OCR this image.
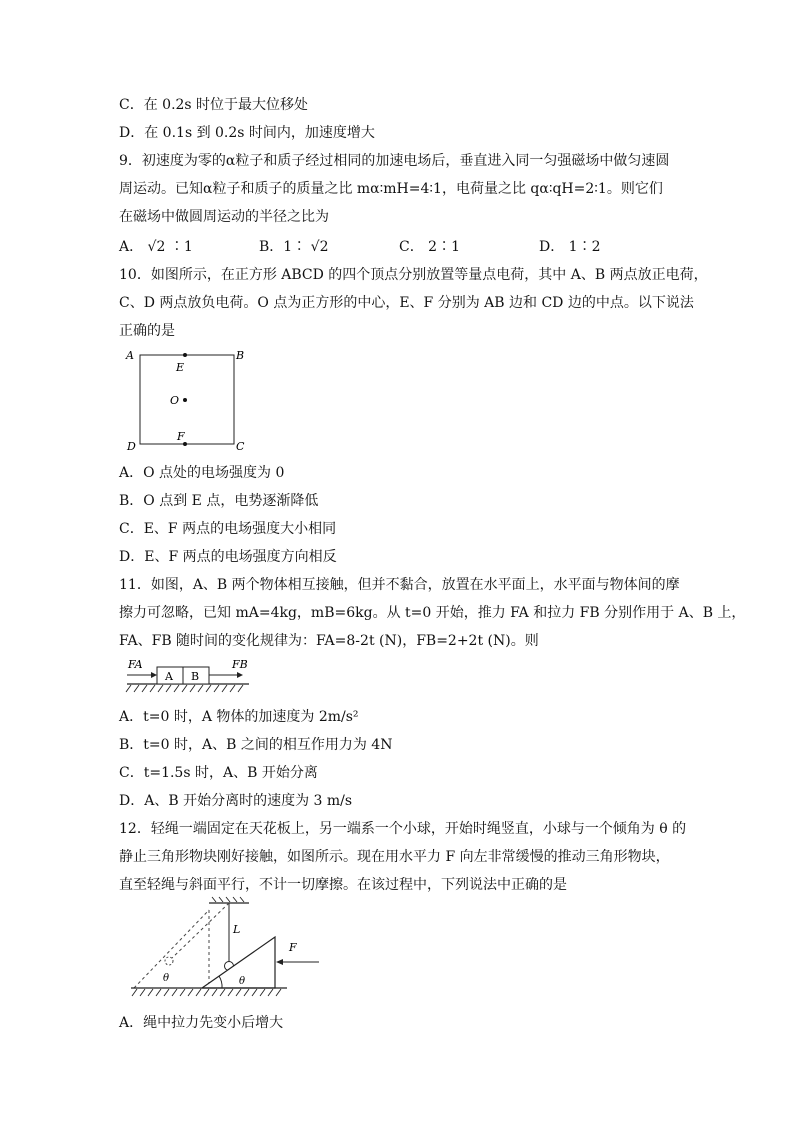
C．在 0.2s 时位于最大位移处
D．在 0.1s 到 0.2s 时间内，加速度增大
9．初速度为零的α粒子和质子经过相同的加速电场后，垂直进入同一匀强磁场中做匀速圆
周运动。已知α粒子和质子的质量之比 mα∶mH=4∶1，电荷量之比 qα∶qH=2∶1。则它们
在磁场中做圆周运动的半径之比为
A． √2 ∶1	B．1∶ √2	C． 2∶1	D． 1∶2
10．如图所示，在正方形 ABCD 的四个顶点分别放置等量点电荷，其中 A、B 两点放正电荷，
C、D 两点放负电荷。O 点为正方形的中心，E、F 分别为 AB 边和 CD 边的中点。以下说法
正确的是
A	B
D	C
E
O
F
A．O 点处的电场强度为 0
B．O 点到 E 点，电势逐渐降低
C．E、F 两点的电场强度大小相同
D．E、F 两点的电场强度方向相反
11．如图，A、B 两个物体相互接触，但并不黏合，放置在水平面上，水平面与物体间的摩
擦力可忽略，已知 mA=4kg，mB=6kg。从 t=0 开始，推力 FA 和拉力 FB 分别作用于 A、B 上，
FA、FB 随时间的变化规律为：FA=8-2t (N)，FB=2+2t (N)。则
A B
FA	FB
A．t=0 时，A 物体的加速度为 2m/s²
B．t=0 时，A、B 之间的相互作用力为 4N
C．t=1.5s 时，A、B 开始分离
D．A、B 开始分离时的速度为 3 m/s
12．轻绳一端固定在天花板上，另一端系一个小球，开始时绳竖直，小球与一个倾角为 θ 的
静止三角形物块刚好接触，如图所示。现在用水平力 F 向左非常缓慢的推动三角形物块，
直至轻绳与斜面平行，不计一切摩擦。在该过程中，下列说法中正确的是
L
θ	θ
F
A．绳中拉力先变小后增大
